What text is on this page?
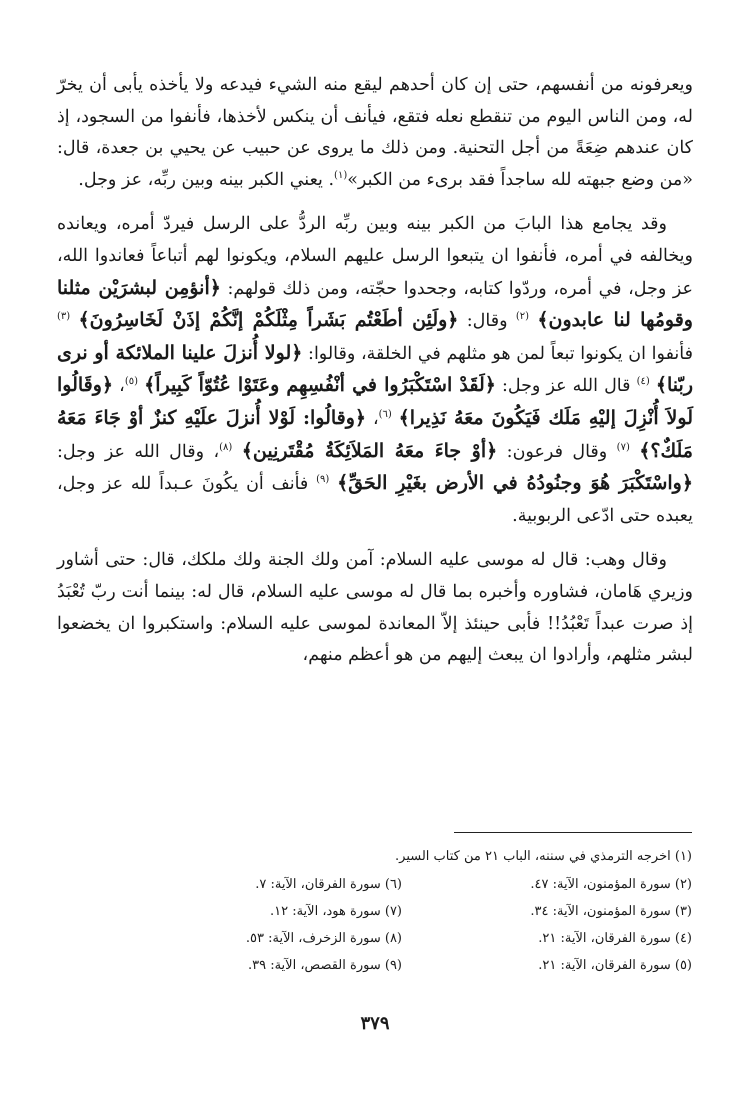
ويعرفونه من أنفسهم، حتى إن كان أحدهم ليقع منه الشيء فيدعه ولا يأخذه يأبى أن يخرّ له، ومن الناس اليوم من تنقطع نعله فتقع، فيأنف أن ينكس لأخذها، فأنفوا من السجود، إذ كان عندهم ضِعَةً من أجل التحنية. ومن ذلك ما يروى عن حبيب عن يحيي بن جعدة، قال: «من وضع جبهته لله ساجداً فقد برىء من الكبر»$^{(١)}$. يعني الكبر بينه وبين ربِّه، عز وجل.

وقد يجامع هذا البابَ من الكبر بينه وبين ربِّه الردُّ على الرسل فيردّ أمره، ويعانده ويخالفه في أمره، فأنفوا ان يتبعوا الرسل عليهم السلام، ويكونوا لهم أتباعاً فعاندوا الله، عز وجل، في أمره، وردّوا كتابه، وجحدوا حجّته، ومن ذلك قولهم: ﴿أنؤمِن لبشرَيْن مثلنا وقومُها لنا عابدون﴾ $^{(٢)}$ وقال: ﴿ولَئِن أطَعْتُم بَشَراً مِثْلَكُمْ إنَّكُمْ إذَنْ لَخَاسِرُونَ﴾ $^{(٣)}$ فأنفوا ان يكونوا تبعاً لمن هو مثلهم في الخلقة، وقالوا: ﴿لولا أُنزلَ علينا الملائكة أو نرى ربّنا﴾ $^{(٤)}$ قال الله عز وجل: ﴿لَقَدْ اسْتَكْبَرُوا في أنْفُسِهِم وعَتَوْا عُتُوّاً كَبِيراً﴾ $^{(٥)}$، ﴿وقَالُوا لَولاَ أُنْزِلَ إليْهِ مَلَك فَيَكُونَ معَهُ نَذِيرا﴾ $^{(٦)}$، ﴿وقالُوا: لَوْلا أُنزلَ علَيْهِ كنزٌ أوْ جَاءَ مَعَهُ مَلَكٌ؟﴾ $^{(٧)}$ وقال فرعون: ﴿أوْ جاءَ معَهُ المَلاَئِكَةُ مُقْتَرنِين﴾ $^{(٨)}$، وقال الله عز وجل: ﴿واسْتَكْبَرَ هُوَ وجنُودُهُ في الأرض بغَيْرِ الحَقِّ﴾ $^{(٩)}$ فأنف أن يكُونَ عـبداً لله عز وجل، يعبده حتى ادّعى الربوبية.

وقال وهب: قال له موسى عليه السلام: آمن ولك الجنة ولك ملكك، قال: حتى أشاور وزيري هَامان، فشاوره وأخبره بما قال له موسى عليه السلام، قال له: بينما أنت ربّ تُعْبَدُ إذ صرت عبداً تَعْبُدُ!! فأبى حينئذ إلاّ المعاندة لموسى عليه السلام: واستكبروا ان يخضعوا لبشر مثلهم، وأرادوا ان يبعث إليهم من هو أعظم منهم،

(١) اخرجه الترمذي في سننه، الباب ٢١ من كتاب السير.
(٢) سورة المؤمنون، الآية: ٤٧.
(٦) سورة الفرقان، الآية: ٧.
(٣) سورة المؤمنون، الآية: ٣٤.
(٧) سورة هود، الآية: ١٢.
(٤) سورة الفرقان، الآية: ٢١.
(٨) سورة الزخرف، الآية: ٥٣.
(٥) سورة الفرقان، الآية: ٢١.
(٩) سورة القصص، الآية: ٣٩.
٣٧٩
